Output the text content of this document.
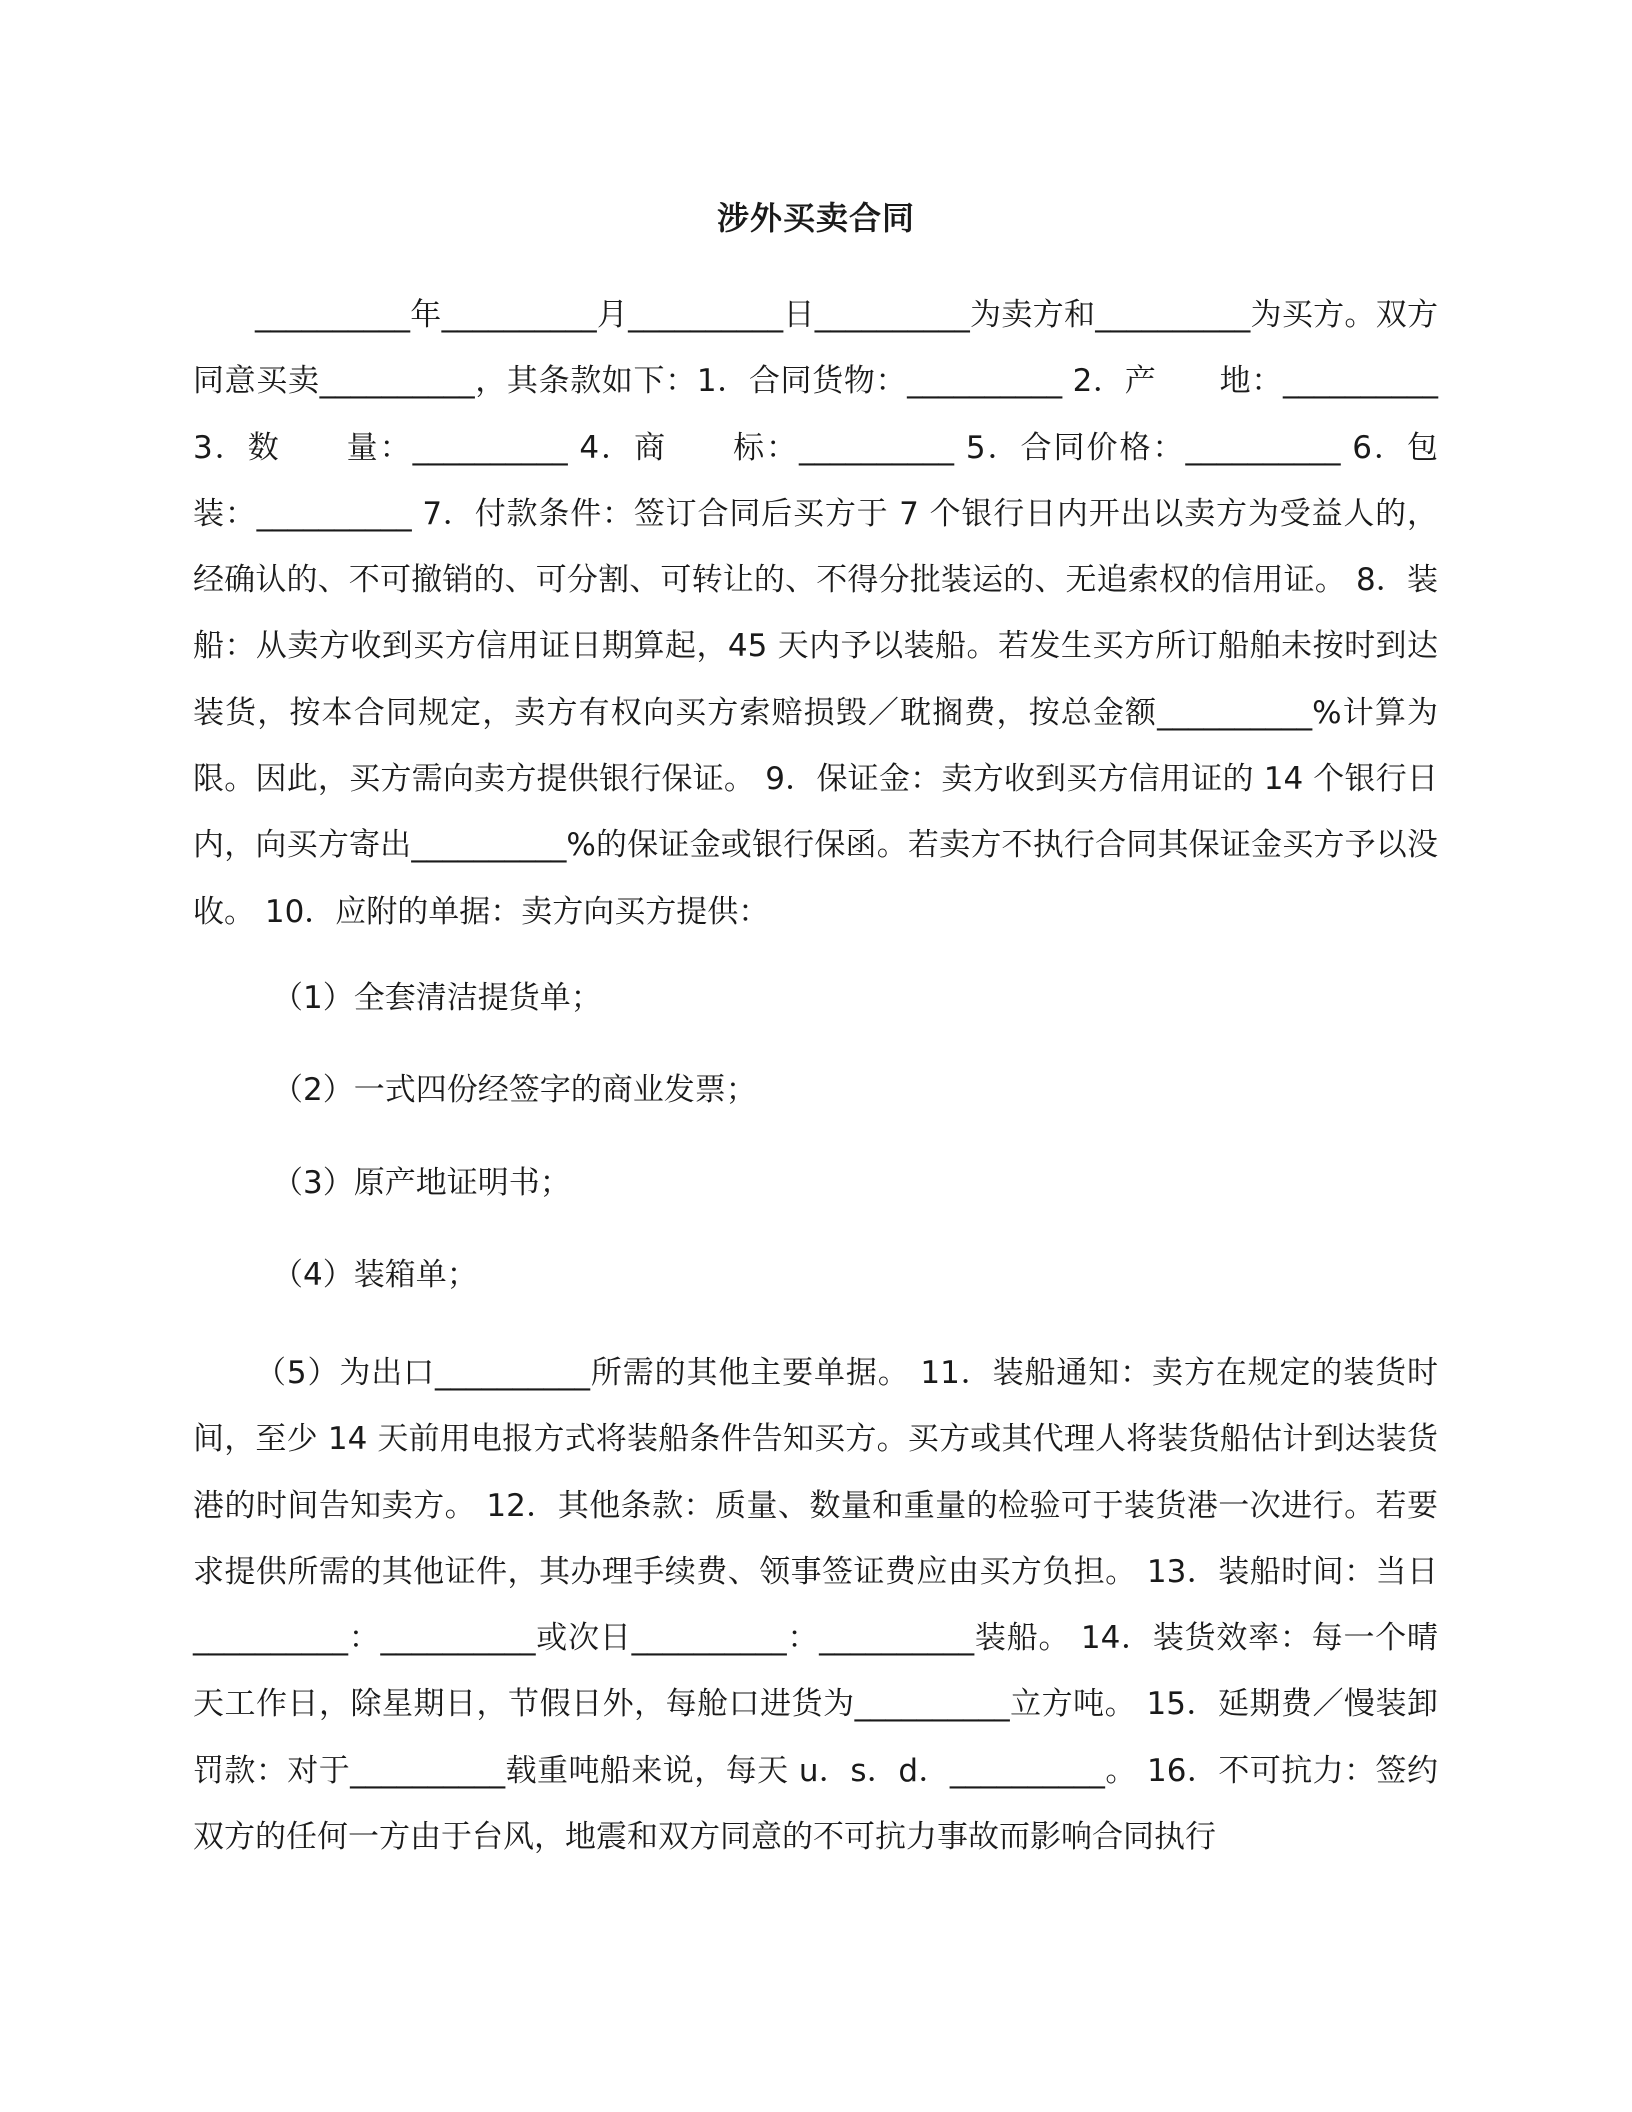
涉外买卖合同

__________年__________月__________日__________为卖方和__________为买方。双方同意买卖__________，其条款如下：1．合同货物：__________ 2．产　　地：__________ 3．数　　量：__________ 4．商　　标：__________ 5．合同价格：__________ 6．包　　装：__________ 7．付款条件：签订合同后买方于 7 个银行日内开出以卖方为受益人的，经确认的、不可撤销的、可分割、可转让的、不得分批装运的、无追索权的信用证。 8．装船：从卖方收到买方信用证日期算起，45 天内予以装船。若发生买方所订船舶未按时到达装货，按本合同规定，卖方有权向买方索赔损毁／耽搁费，按总金额__________%计算为限。因此，买方需向卖方提供银行保证。 9．保证金：卖方收到买方信用证的 14 个银行日内，向买方寄出__________%的保证金或银行保函。若卖方不执行合同其保证金买方予以没收。 10．应附的单据：卖方向买方提供：

（1）全套清洁提货单；
（2）一式四份经签字的商业发票；
（3）原产地证明书；
（4）装箱单；

（5）为出口__________所需的其他主要单据。 11．装船通知：卖方在规定的装货时间，至少 14 天前用电报方式将装船条件告知买方。买方或其代理人将装货船估计到达装货港的时间告知卖方。 12．其他条款：质量、数量和重量的检验可于装货港一次进行。若要求提供所需的其他证件，其办理手续费、领事签证费应由买方负担。 13．装船时间：当日__________：__________或次日__________：__________装船。 14．装货效率：每一个晴天工作日，除星期日，节假日外，每舱口进货为__________立方吨。 15．延期费／慢装卸罚款：对于__________载重吨船来说，每天 u．s．d．__________。 16．不可抗力：签约双方的任何一方由于台风，地震和双方同意的不可抗力事故而影响合同执行
